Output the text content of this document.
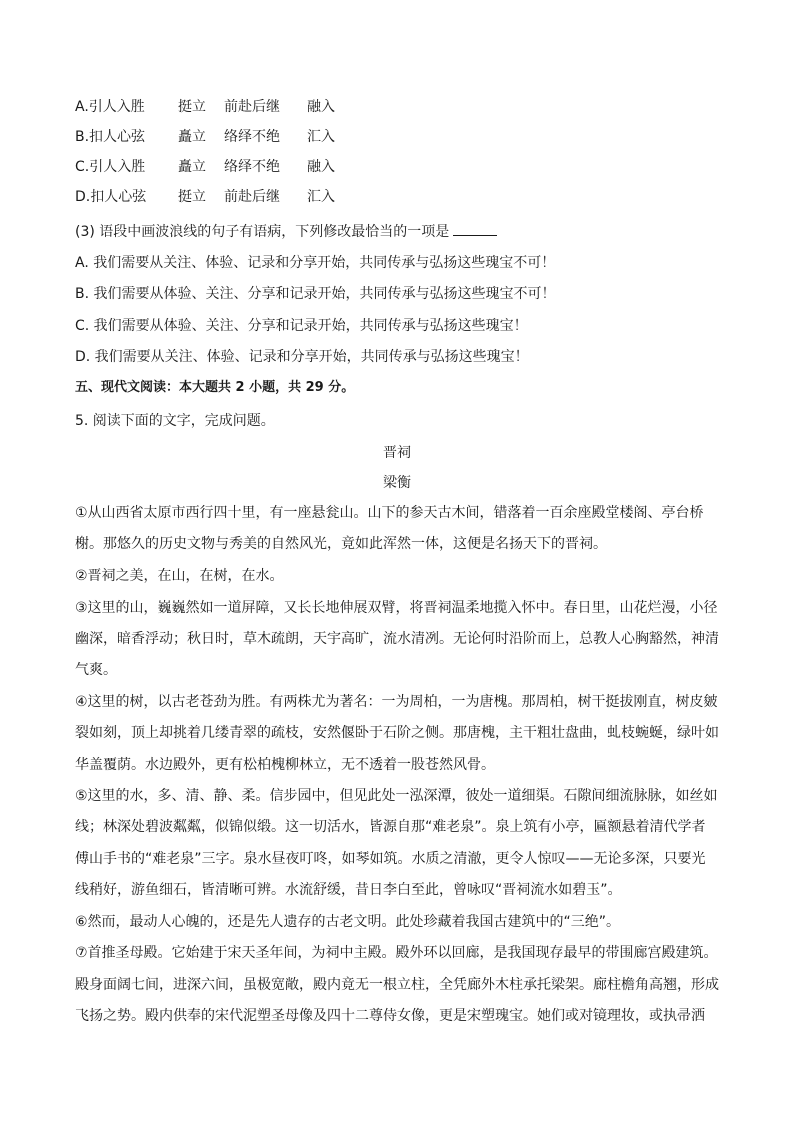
A.引人入胜 挺立 前赴后继 融入
B.扣人心弦 矗立 络绎不绝 汇入
C.引人入胜 矗立 络绎不绝 融入
D.扣人心弦 挺立 前赴后继 汇入
(3) 语段中画波浪线的句子有语病，下列修改最恰当的一项是
A. 我们需要从关注、体验、记录和分享开始，共同传承与弘扬这些瑰宝不可！
B. 我们需要从体验、关注、分享和记录开始，共同传承与弘扬这些瑰宝不可！
C. 我们需要从体验、关注、分享和记录开始，共同传承与弘扬这些瑰宝！
D. 我们需要从关注、体验、记录和分享开始，共同传承与弘扬这些瑰宝！
五、现代文阅读：本大题共 2 小题，共 29 分。
5. 阅读下面的文字，完成问题。
晋祠
梁衡
①从山西省太原市西行四十里，有一座悬瓮山。山下的参天古木间，错落着一百余座殿堂楼阁、亭台桥
榭。那悠久的历史文物与秀美的自然风光，竟如此浑然一体，这便是名扬天下的晋祠。
②晋祠之美，在山，在树，在水。
③这里的山，巍巍然如一道屏障，又长长地伸展双臂，将晋祠温柔地揽入怀中。春日里，山花烂漫，小径
幽深，暗香浮动；秋日时，草木疏朗，天宇高旷，流水清冽。无论何时沿阶而上，总教人心胸豁然，神清
气爽。
④这里的树，以古老苍劲为胜。有两株尤为著名：一为周柏，一为唐槐。那周柏，树干挺拔刚直，树皮皴
裂如刻，顶上却挑着几缕青翠的疏枝，安然偃卧于石阶之侧。那唐槐，主干粗壮盘曲，虬枝蜿蜒，绿叶如
华盖覆荫。水边殿外，更有松柏槐柳林立，无不透着一股苍然风骨。
⑤这里的水，多、清、静、柔。信步园中，但见此处一泓深潭，彼处一道细渠。石隙间细流脉脉，如丝如
线；林深处碧波粼粼，似锦似缎。这一切活水，皆源自那“难老泉”。泉上筑有小亭，匾额悬着清代学者
傅山手书的“难老泉”三字。泉水昼夜叮咚，如琴如筑。水质之清澈，更令人惊叹——无论多深，只要光
线稍好，游鱼细石，皆清晰可辨。水流舒缓，昔日李白至此，曾咏叹“晋祠流水如碧玉”。
⑥然而，最动人心魄的，还是先人遗存的古老文明。此处珍藏着我国古建筑中的“三绝”。
⑦首推圣母殿。它始建于宋天圣年间，为祠中主殿。殿外环以回廊，是我国现存最早的带围廊宫殿建筑。
殿身面阔七间，进深六间，虽极宽敞，殿内竟无一根立柱，全凭廊外木柱承托梁架。廊柱檐角高翘，形成
飞扬之势。殿内供奉的宋代泥塑圣母像及四十二尊侍女像，更是宋塑瑰宝。她们或对镜理妆，或执帚洒
